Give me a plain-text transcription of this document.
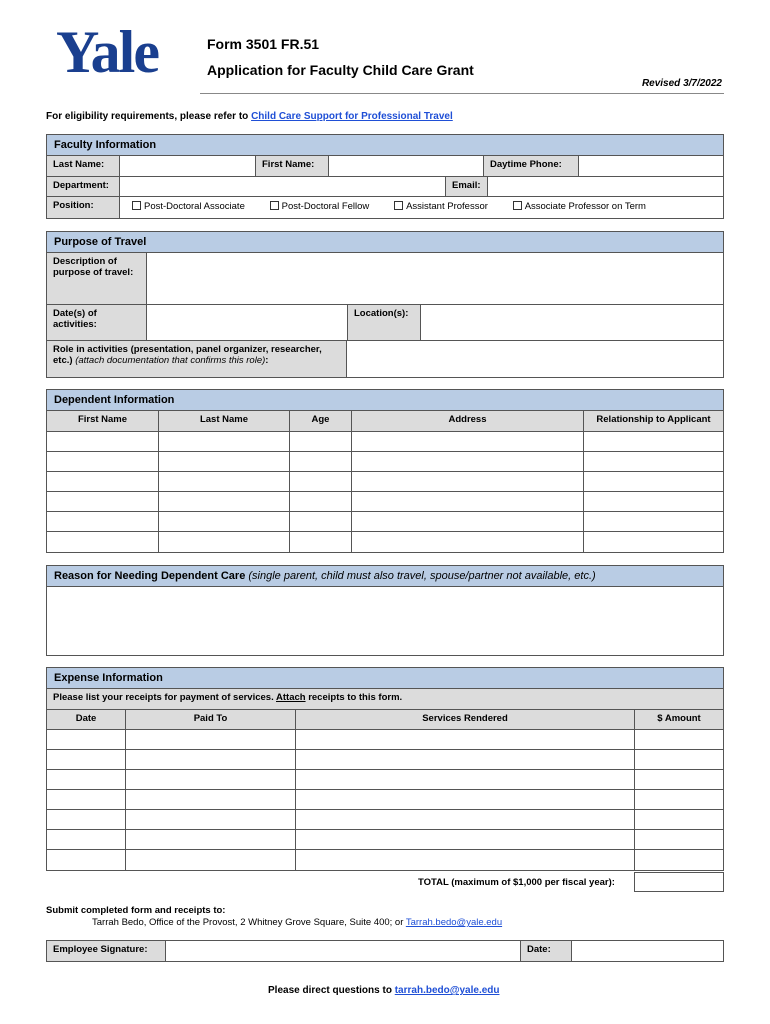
Yale	Form 3501 FR.51
Application for Faculty Child Care Grant
Revised 3/7/2022
For eligibility requirements, please refer to Child Care Support for Professional Travel
Faculty Information
Last Name:	First Name:	Daytime Phone:
Department:	Email:
Position:	Post-Doctoral Associate	Post-Doctoral Fellow	Assistant Professor	Associate Professor on Term
Purpose of Travel
Description of
purpose of travel:
Date(s) of
activities:
Location(s):
Role in activities (presentation, panel organizer, researcher,
etc.) (attach documentation that confirms this role):
Dependent Information
First Name	Last Name	Age	Address	Relationship to Applicant
Reason for Needing Dependent Care (single parent, child must also travel, spouse/partner not available, etc.)
Expense Information
Please list your receipts for payment of services. Attach receipts to this form.
Date	Paid To	Services Rendered	$ Amount
TOTAL (maximum of $1,000 per fiscal year):
Submit completed form and receipts to:
Tarrah Bedo, Office of the Provost, 2 Whitney Grove Square, Suite 400; or Tarrah.bedo@yale.edu
Employee Signature:	Date:
Please direct questions to tarrah.bedo@yale.edu
